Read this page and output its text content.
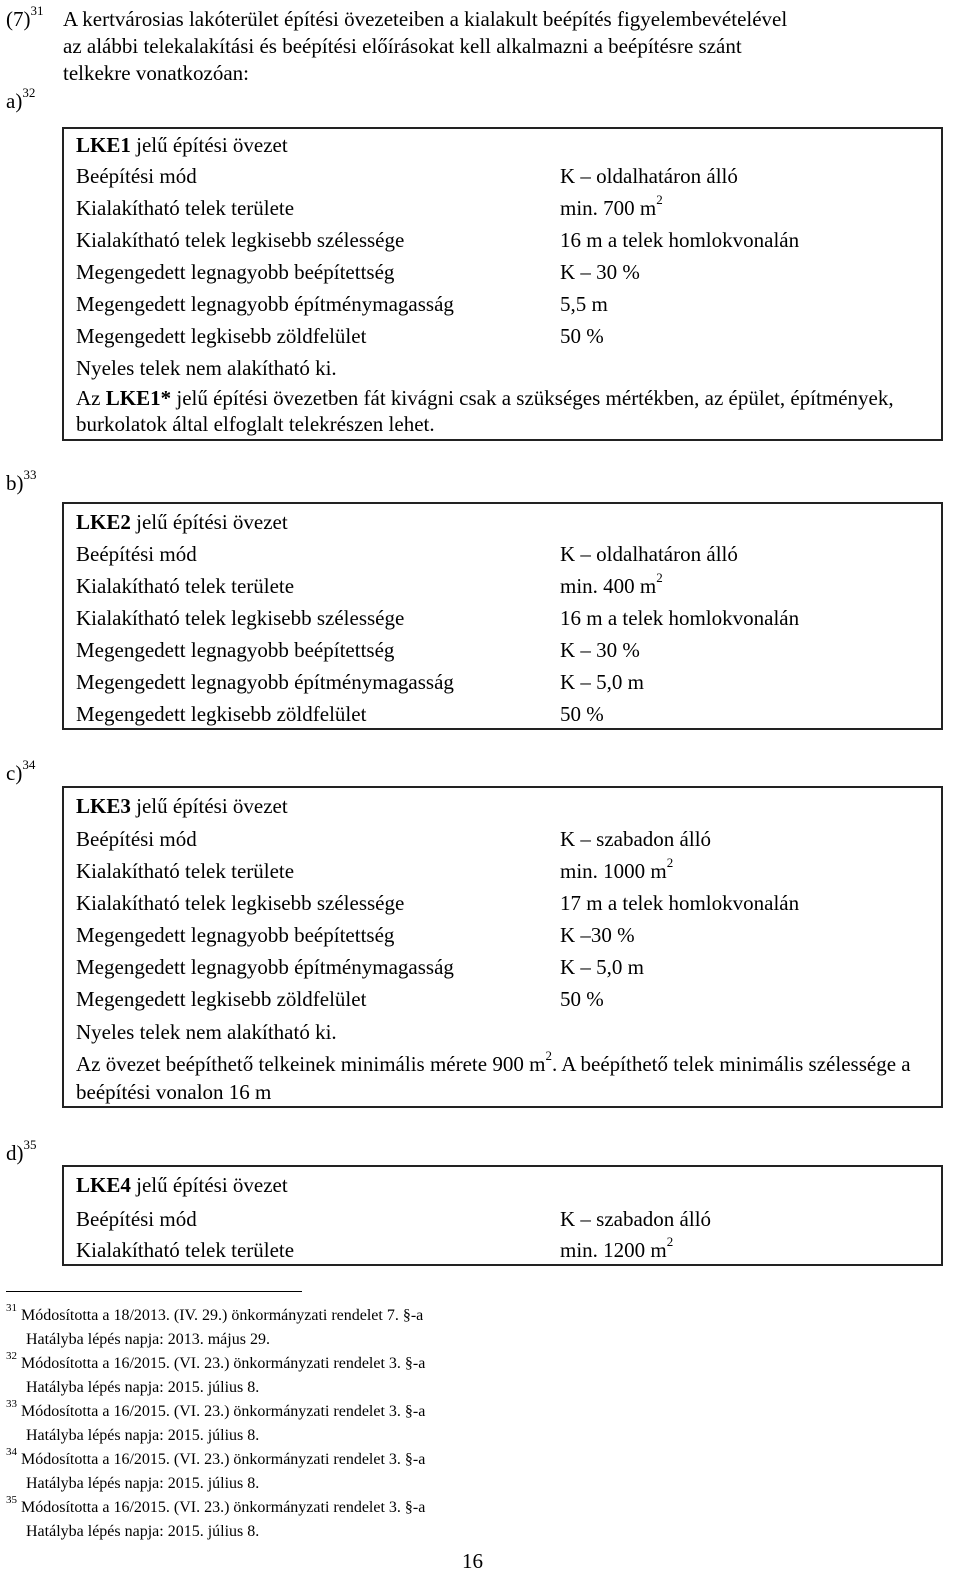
$(7)^{31}$ A kertvárosias lakóterület építési övezeteiben a kialakult beépítés figyelembevételével
az alábbi telekalakítási és beépítési előírásokat kell alkalmazni a beépítésre szánt
telkekre vonatkozóan:
a)$^{32}$
LKE1 jelű építési övezet
Beépítési mód	K – oldalhatáron álló
Kialakítható telek területe	min. 700 $m^2$
Kialakítható telek legkisebb szélessége	16 m a telek homlokvonalán
Megengedett legnagyobb beépítettség	K – 30 %
Megengedett legnagyobb építménymagasság	5,5 m
Megengedett legkisebb zöldfelület	50 %
Nyeles telek nem alakítható ki.
Az LKE1* jelű építési övezetben fát kivágni csak a szükséges mértékben, az épület, építmények, burkolatok által elfoglalt telekrészen lehet.
b)$^{33}$
LKE2 jelű építési övezet
Beépítési mód	K – oldalhatáron álló
Kialakítható telek területe	min. 400 $m^2$
Kialakítható telek legkisebb szélessége	16 m a telek homlokvonalán
Megengedett legnagyobb beépítettség	K – 30 %
Megengedett legnagyobb építménymagasság	K – 5,0 m
Megengedett legkisebb zöldfelület	50 %
c)$^{34}$
LKE3 jelű építési övezet
Beépítési mód	K – szabadon álló
Kialakítható telek területe	min. 1000 $m^2$
Kialakítható telek legkisebb szélessége	17 m a telek homlokvonalán
Megengedett legnagyobb beépítettség	K –30 %
Megengedett legnagyobb építménymagasság	K – 5,0 m
Megengedett legkisebb zöldfelület	50 %
Nyeles telek nem alakítható ki.
Az övezet beépíthető telkeinek minimális mérete 900 $m^2$. A beépíthető telek minimális szélessége a beépítési vonalon 16 m
d)$^{35}$
LKE4 jelű építési övezet
Beépítési mód	K – szabadon álló
Kialakítható telek területe	min. 1200 $m^2$
$^{31}$ Módosította a 18/2013. (IV. 29.) önkormányzati rendelet 7. §-a
Hatályba lépés napja: 2013. május 29.
$^{32}$ Módosította a 16/2015. (VI. 23.) önkormányzati rendelet 3. §-a
Hatályba lépés napja: 2015. július 8.
$^{33}$ Módosította a 16/2015. (VI. 23.) önkormányzati rendelet 3. §-a
Hatályba lépés napja: 2015. július 8.
$^{34}$ Módosította a 16/2015. (VI. 23.) önkormányzati rendelet 3. §-a
Hatályba lépés napja: 2015. július 8.
$^{35}$ Módosította a 16/2015. (VI. 23.) önkormányzati rendelet 3. §-a
Hatályba lépés napja: 2015. július 8.
16
